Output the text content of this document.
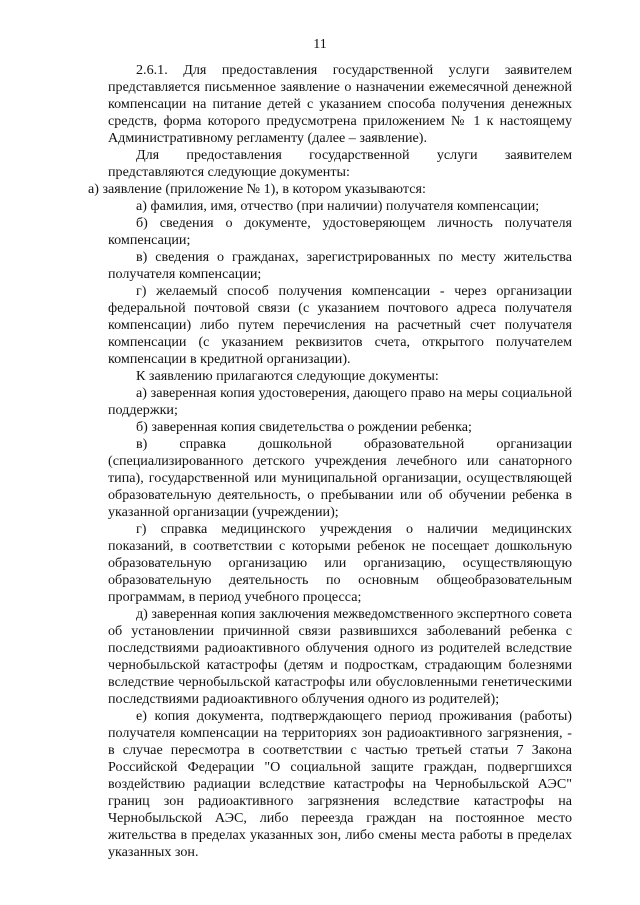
11

2.6.1. Для предоставления государственной услуги заявителем представляется письменное заявление о назначении ежемесячной денежной компенсации на питание детей с указанием способа получения денежных средств, форма которого предусмотрена приложением № 1 к настоящему Административному регламенту (далее – заявление).

Для предоставления государственной услуги заявителем представляются следующие документы:

а) заявление (приложение № 1), в котором указываются:

а) фамилия, имя, отчество (при наличии) получателя компенсации;

б) сведения о документе, удостоверяющем личность получателя компенсации;

в) сведения о гражданах, зарегистрированных по месту жительства получателя компенсации;

г) желаемый способ получения компенсации - через организации федеральной почтовой связи (с указанием почтового адреса получателя компенсации) либо путем перечисления на расчетный счет получателя компенсации (с указанием реквизитов счета, открытого получателем компенсации в кредитной организации).

К заявлению прилагаются следующие документы:

а) заверенная копия удостоверения, дающего право на меры социальной поддержки;

б) заверенная копия свидетельства о рождении ребенка;

в) справка дошкольной образовательной организации (специализированного детского учреждения лечебного или санаторного типа), государственной или муниципальной организации, осуществляющей образовательную деятельность, о пребывании или об обучении ребенка в указанной организации (учреждении);

г) справка медицинского учреждения о наличии медицинских показаний, в соответствии с которыми ребенок не посещает дошкольную образовательную организацию или организацию, осуществляющую образовательную деятельность по основным общеобразовательным программам, в период учебного процесса;

д) заверенная копия заключения межведомственного экспертного совета об установлении причинной связи развившихся заболеваний ребенка с последствиями радиоактивного облучения одного из родителей вследствие чернобыльской катастрофы (детям и подросткам, страдающим болезнями вследствие чернобыльской катастрофы или обусловленными генетическими последствиями радиоактивного облучения одного из родителей);

е) копия документа, подтверждающего период проживания (работы) получателя компенсации на территориях зон радиоактивного загрязнения, - в случае пересмотра в соответствии с частью третьей статьи 7 Закона Российской Федерации "О социальной защите граждан, подвергшихся воздействию радиации вследствие катастрофы на Чернобыльской АЭС" границ зон радиоактивного загрязнения вследствие катастрофы на Чернобыльской АЭС, либо переезда граждан на постоянное место жительства в пределах указанных зон, либо смены места работы в пределах указанных зон.
